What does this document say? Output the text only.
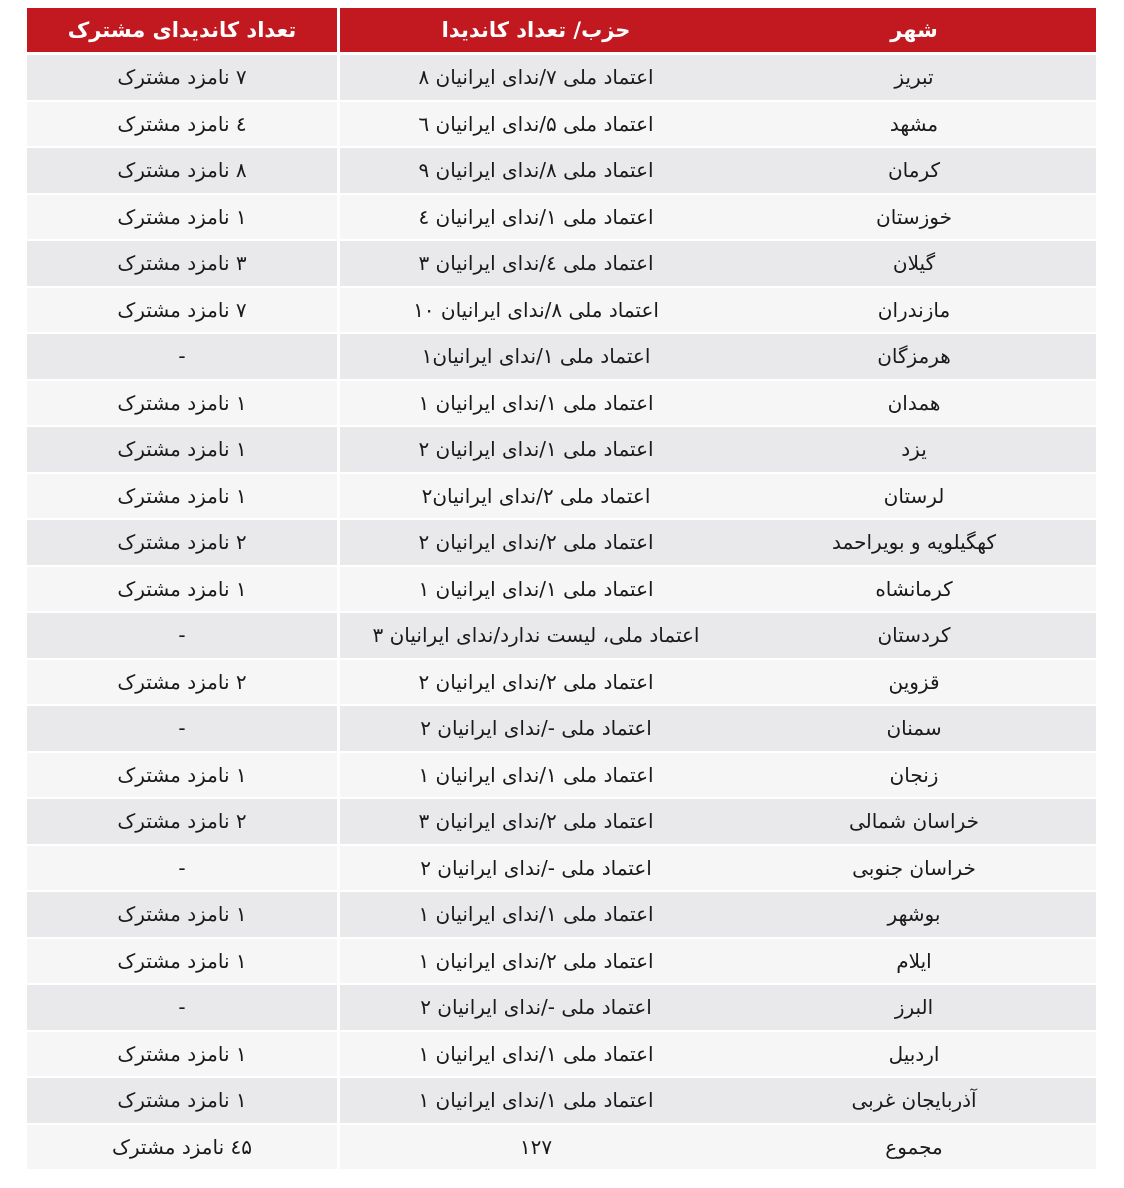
شهر
حزب/ تعداد کاندیدا
تعداد کاندیدای مشترک
تبریز
اعتماد ملی ۷/ندای ایرانیان ۸
۷ نامزد مشترک
مشهد
اعتماد ملی ۵/ندای ایرانیان ٦
٤ نامزد مشترک
کرمان
اعتماد ملی ۸/ندای ایرانیان ۹
۸ نامزد مشترک
خوزستان
اعتماد ملی ۱/ندای ایرانیان ٤
۱ نامزد مشترک
گیلان
اعتماد ملی ٤/ندای ایرانیان ۳
۳ نامزد مشترک
مازندران
اعتماد ملی ۸/ندای ایرانیان ۱۰
۷ نامزد مشترک
هرمزگان
اعتماد ملی ۱/ندای ایرانیان۱
-
همدان
اعتماد ملی ۱/ندای ایرانیان ۱
۱ نامزد مشترک
یزد
اعتماد ملی ۱/ندای ایرانیان ۲
۱ نامزد مشترک
لرستان
اعتماد ملی ۲/ندای ایرانیان۲
۱ نامزد مشترک
کهگیلویه و بویراحمد
اعتماد ملی ۲/ندای ایرانیان ۲
۲ نامزد مشترک
کرمانشاه
اعتماد ملی ۱/ندای ایرانیان ۱
۱ نامزد مشترک
کردستان
اعتماد ملی، لیست ندارد/ندای ایرانیان ۳
-
قزوین
اعتماد ملی ۲/ندای ایرانیان ۲
۲ نامزد مشترک
سمنان
اعتماد ملی -/ندای ایرانیان ۲
-
زنجان
اعتماد ملی ۱/ندای ایرانیان ۱
۱ نامزد مشترک
خراسان شمالی
اعتماد ملی ۲/ندای ایرانیان ۳
۲ نامزد مشترک
خراسان جنوبی
اعتماد ملی -/ندای ایرانیان ۲
-
بوشهر
اعتماد ملی ۱/ندای ایرانیان ۱
۱ نامزد مشترک
ایلام
اعتماد ملی ۲/ندای ایرانیان ۱
۱ نامزد مشترک
البرز
اعتماد ملی -/ندای ایرانیان ۲
-
اردبیل
اعتماد ملی ۱/ندای ایرانیان ۱
۱ نامزد مشترک
آذربایجان غربی
اعتماد ملی ۱/ندای ایرانیان ۱
۱ نامزد مشترک
مجموع
۱۲۷
٤۵ نامزد مشترک
